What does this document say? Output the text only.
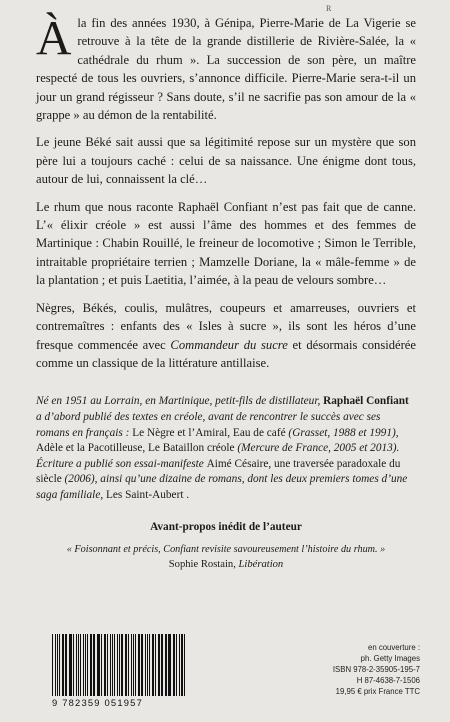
R

À la fin des années 1930, à Génipa, Pierre-Marie de La Vigerie se retrouve à la tête de la grande distillerie de Rivière-Salée, la « cathédrale du rhum ». La succession de son père, un maître respecté de tous les ouvriers, s’annonce difficile. Pierre-Marie sera-t-il un jour un grand régisseur ? Sans doute, s’il ne sacrifie pas son amour de la « grappe » au démon de la rentabilité.

Le jeune Béké sait aussi que sa légitimité repose sur un mystère que son père lui a toujours caché : celui de sa naissance. Une énigme dont tous, autour de lui, connaissent la clé…

Le rhum que nous raconte Raphaël Confiant n’est pas fait que de canne. L’« élixir créole » est aussi l’âme des hommes et des femmes de Martinique : Chabin Rouillé, le freineur de locomotive ; Simon le Terrible, intraitable propriétaire terrien ; Mamzelle Doriane, la « mâle-femme » de la plantation ; et puis Laetitia, l’aimée, à la peau de velours sombre…

Nègres, Békés, coulis, mulâtres, coupeurs et amarreuses, ouvriers et contremaîtres : enfants des « Isles à sucre », ils sont les héros d’une fresque commencée avec Commandeur du sucre et désormais considérée comme un classique de la littérature antillaise.

Né en 1951 au Lorrain, en Martinique, petit-fils de distillateur, Raphaël Confiant a d’abord publié des textes en créole, avant de rencontrer le succès avec ses romans en français : Le Nègre et l’Amiral, Eau de café (Grasset, 1988 et 1991), Adèle et la Pacotilleuse, Le Bataillon créole (Mercure de France, 2005 et 2013). Écriture a publié son essai-manifeste Aimé Césaire, une traversée paradoxale du siècle (2006), ainsi qu’une dizaine de romans, dont les deux premiers tomes d’une saga familiale, Les Saint-Aubert .

Avant-propos inédit de l’auteur

« Foisonnant et précis, Confiant revisite savoureusement l’histoire du rhum. »

Sophie Rostain, Libération

9 782359 051957
en couverture :
ph. Getty Images
ISBN 978-2-35905-195-7
H 87-4638-7-1506
19,95 € prix France TTC
